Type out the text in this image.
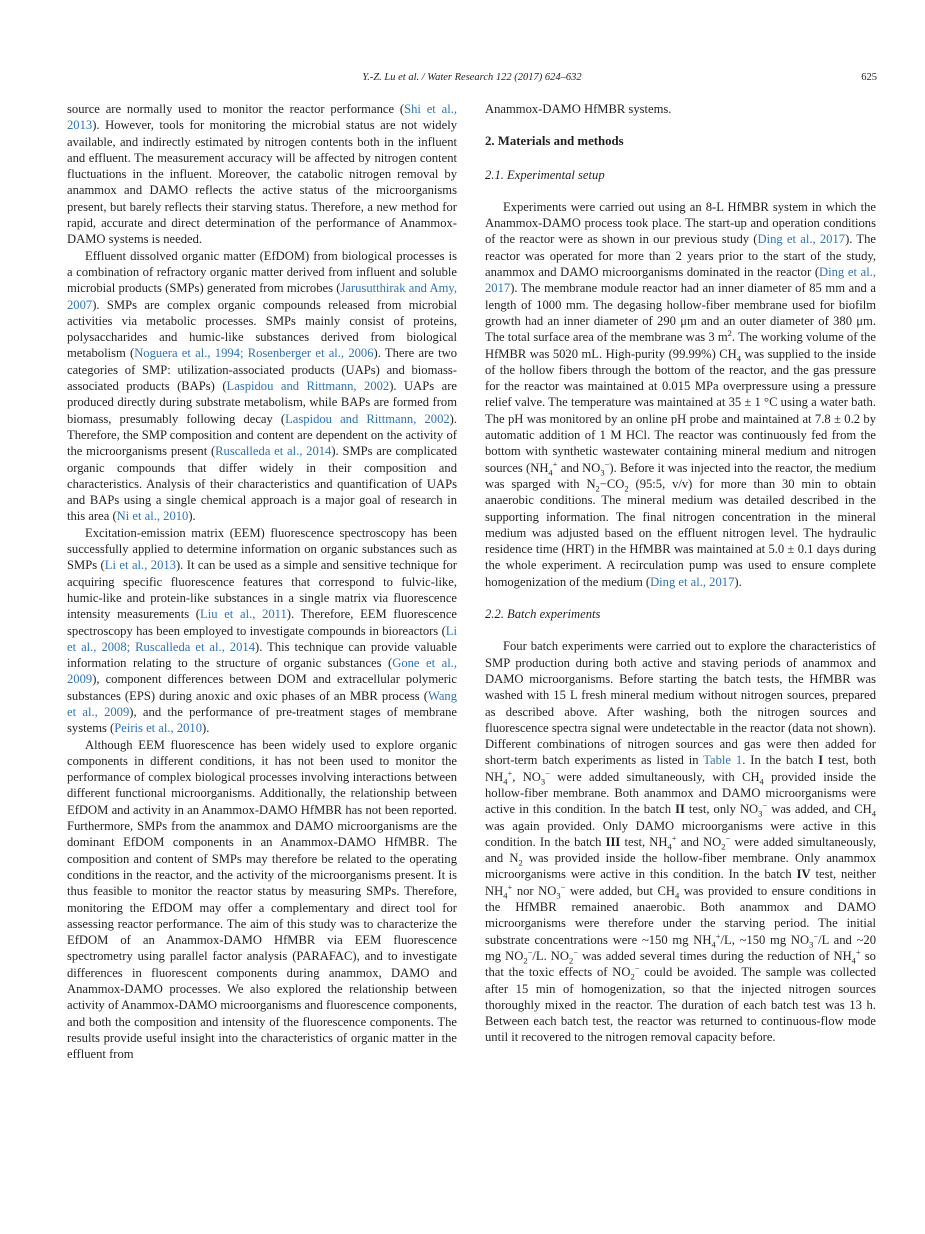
Y.-Z. Lu et al. / Water Research 122 (2017) 624–632	625

source are normally used to monitor the reactor performance (Shi et al., 2013). However, tools for monitoring the microbial status are not widely available, and indirectly estimated by nitrogen contents both in the influent and effluent. The measurement accuracy will be affected by nitrogen content fluctuations in the influent. Moreover, the catabolic nitrogen removal by anammox and DAMO reflects the active status of the microorganisms present, but barely reflects their starving status. Therefore, a new method for rapid, accurate and direct determination of the performance of Anammox-DAMO systems is needed.

Effluent dissolved organic matter (EfDOM) from biological processes is a combination of refractory organic matter derived from influent and soluble microbial products (SMPs) generated from microbes (Jarusutthirak and Amy, 2007). SMPs are complex organic compounds released from microbial activities via metabolic processes. SMPs mainly consist of proteins, polysaccharides and humic-like substances derived from biological metabolism (Noguera et al., 1994; Rosenberger et al., 2006). There are two categories of SMP: utilization-associated products (UAPs) and biomass-associated products (BAPs) (Laspidou and Rittmann, 2002). UAPs are produced directly during substrate metabolism, while BAPs are formed from biomass, presumably following decay (Laspidou and Rittmann, 2002). Therefore, the SMP composition and content are dependent on the activity of the microorganisms present (Ruscalleda et al., 2014). SMPs are complicated organic compounds that differ widely in their composition and characteristics. Analysis of their characteristics and quantification of UAPs and BAPs using a single chemical approach is a major goal of research in this area (Ni et al., 2010).

Excitation-emission matrix (EEM) fluorescence spectroscopy has been successfully applied to determine information on organic substances such as SMPs (Li et al., 2013). It can be used as a simple and sensitive technique for acquiring specific fluorescence features that correspond to fulvic-like, humic-like and protein-like substances in a single matrix via fluorescence intensity measurements (Liu et al., 2011). Therefore, EEM fluorescence spectroscopy has been employed to investigate compounds in bioreactors (Li et al., 2008; Ruscalleda et al., 2014). This technique can provide valuable information relating to the structure of organic substances (Gone et al., 2009), component differences between DOM and extracellular polymeric substances (EPS) during anoxic and oxic phases of an MBR process (Wang et al., 2009), and the performance of pre-treatment stages of membrane systems (Peiris et al., 2010).

Although EEM fluorescence has been widely used to explore organic components in different conditions, it has not been used to monitor the performance of complex biological processes involving interactions between different functional microorganisms. Additionally, the relationship between EfDOM and activity in an Anammox-DAMO HfMBR has not been reported. Furthermore, SMPs from the anammox and DAMO microorganisms are the dominant EfDOM components in an Anammox-DAMO HfMBR. The composition and content of SMPs may therefore be related to the operating conditions in the reactor, and the activity of the microorganisms present. It is thus feasible to monitor the reactor status by measuring SMPs. Therefore, monitoring the EfDOM may offer a complementary and direct tool for assessing reactor performance. The aim of this study was to characterize the EfDOM of an Anammox-DAMO HfMBR via EEM fluorescence spectrometry using parallel factor analysis (PARAFAC), and to investigate differences in fluorescent components during anammox, DAMO and Anammox-DAMO processes. We also explored the relationship between activity of Anammox-DAMO microorganisms and fluorescence components, and both the composition and intensity of the fluorescence components. The results provide useful insight into the characteristics of organic matter in the effluent from

Anammox-DAMO HfMBR systems.

2. Materials and methods
2.1. Experimental setup

Experiments were carried out using an 8-L HfMBR system in which the Anammox-DAMO process took place. The start-up and operation conditions of the reactor were as shown in our previous study (Ding et al., 2017). The reactor was operated for more than 2 years prior to the start of the study, anammox and DAMO microorganisms dominated in the reactor (Ding et al., 2017). The membrane module reactor had an inner diameter of 85 mm and a length of 1000 mm. The degasing hollow-fiber membrane used for biofilm growth had an inner diameter of 290 μm and an outer diameter of 380 μm. The total surface area of the membrane was 3 $m^2$. The working volume of the HfMBR was 5020 mL. High-purity (99.99%) $CH_4$ was supplied to the inside of the hollow fibers through the bottom of the reactor, and the gas pressure for the reactor was maintained at 0.015 MPa overpressure using a pressure relief valve. The temperature was maintained at 35 ± 1 °C using a water bath. The pH was monitored by an online pH probe and maintained at 7.8 ± 0.2 by automatic addition of 1 M HCl. The reactor was continuously fed from the bottom with synthetic wastewater containing mineral medium and nitrogen sources ($NH_4^+$ and $NO_3^-$). Before it was injected into the reactor, the medium was sparged with $N_2-CO_2$ (95:5, v/v) for more than 30 min to obtain anaerobic conditions. The mineral medium was detailed described in the supporting information. The final nitrogen concentration in the mineral medium was adjusted based on the effluent nitrogen level. The hydraulic residence time (HRT) in the HfMBR was maintained at 5.0 ± 0.1 days during the whole experiment. A recirculation pump was used to ensure complete homogenization of the medium (Ding et al., 2017).

2.2. Batch experiments

Four batch experiments were carried out to explore the characteristics of SMP production during both active and staving periods of anammox and DAMO microorganisms. Before starting the batch tests, the HfMBR was washed with 15 L fresh mineral medium without nitrogen sources, prepared as described above. After washing, both the nitrogen sources and fluorescence spectra signal were undetectable in the reactor (data not shown). Different combinations of nitrogen sources and gas were then added for short-term batch experiments as listed in Table 1. In the batch I test, both $NH_4^+$, $NO_3^-$ were added simultaneously, with $CH_4$ provided inside the hollow-fiber membrane. Both anammox and DAMO microorganisms were active in this condition. In the batch II test, only $NO_3^-$ was added, and $CH_4$ was again provided. Only DAMO microorganisms were active in this condition. In the batch III test, $NH_4^+$ and $NO_2^-$ were added simultaneously, and $N_2$ was provided inside the hollow-fiber membrane. Only anammox microorganisms were active in this condition. In the batch IV test, neither $NH_4^+$ nor $NO_3^-$ were added, but $CH_4$ was provided to ensure conditions in the HfMBR remained anaerobic. Both anammox and DAMO microorganisms were therefore under the starving period. The initial substrate concentrations were ~150 mg $NH_4^+/L$, ~150 mg $NO_3^-/L$ and ~20 mg $NO_2^-/L$. $NO_2^-$ was added several times during the reduction of $NH_4^+$ so that the toxic effects of $NO_2^-$ could be avoided. The sample was collected after 15 min of homogenization, so that the injected nitrogen sources thoroughly mixed in the reactor. The duration of each batch test was 13 h. Between each batch test, the reactor was returned to continuous-flow mode until it recovered to the nitrogen removal capacity before.
